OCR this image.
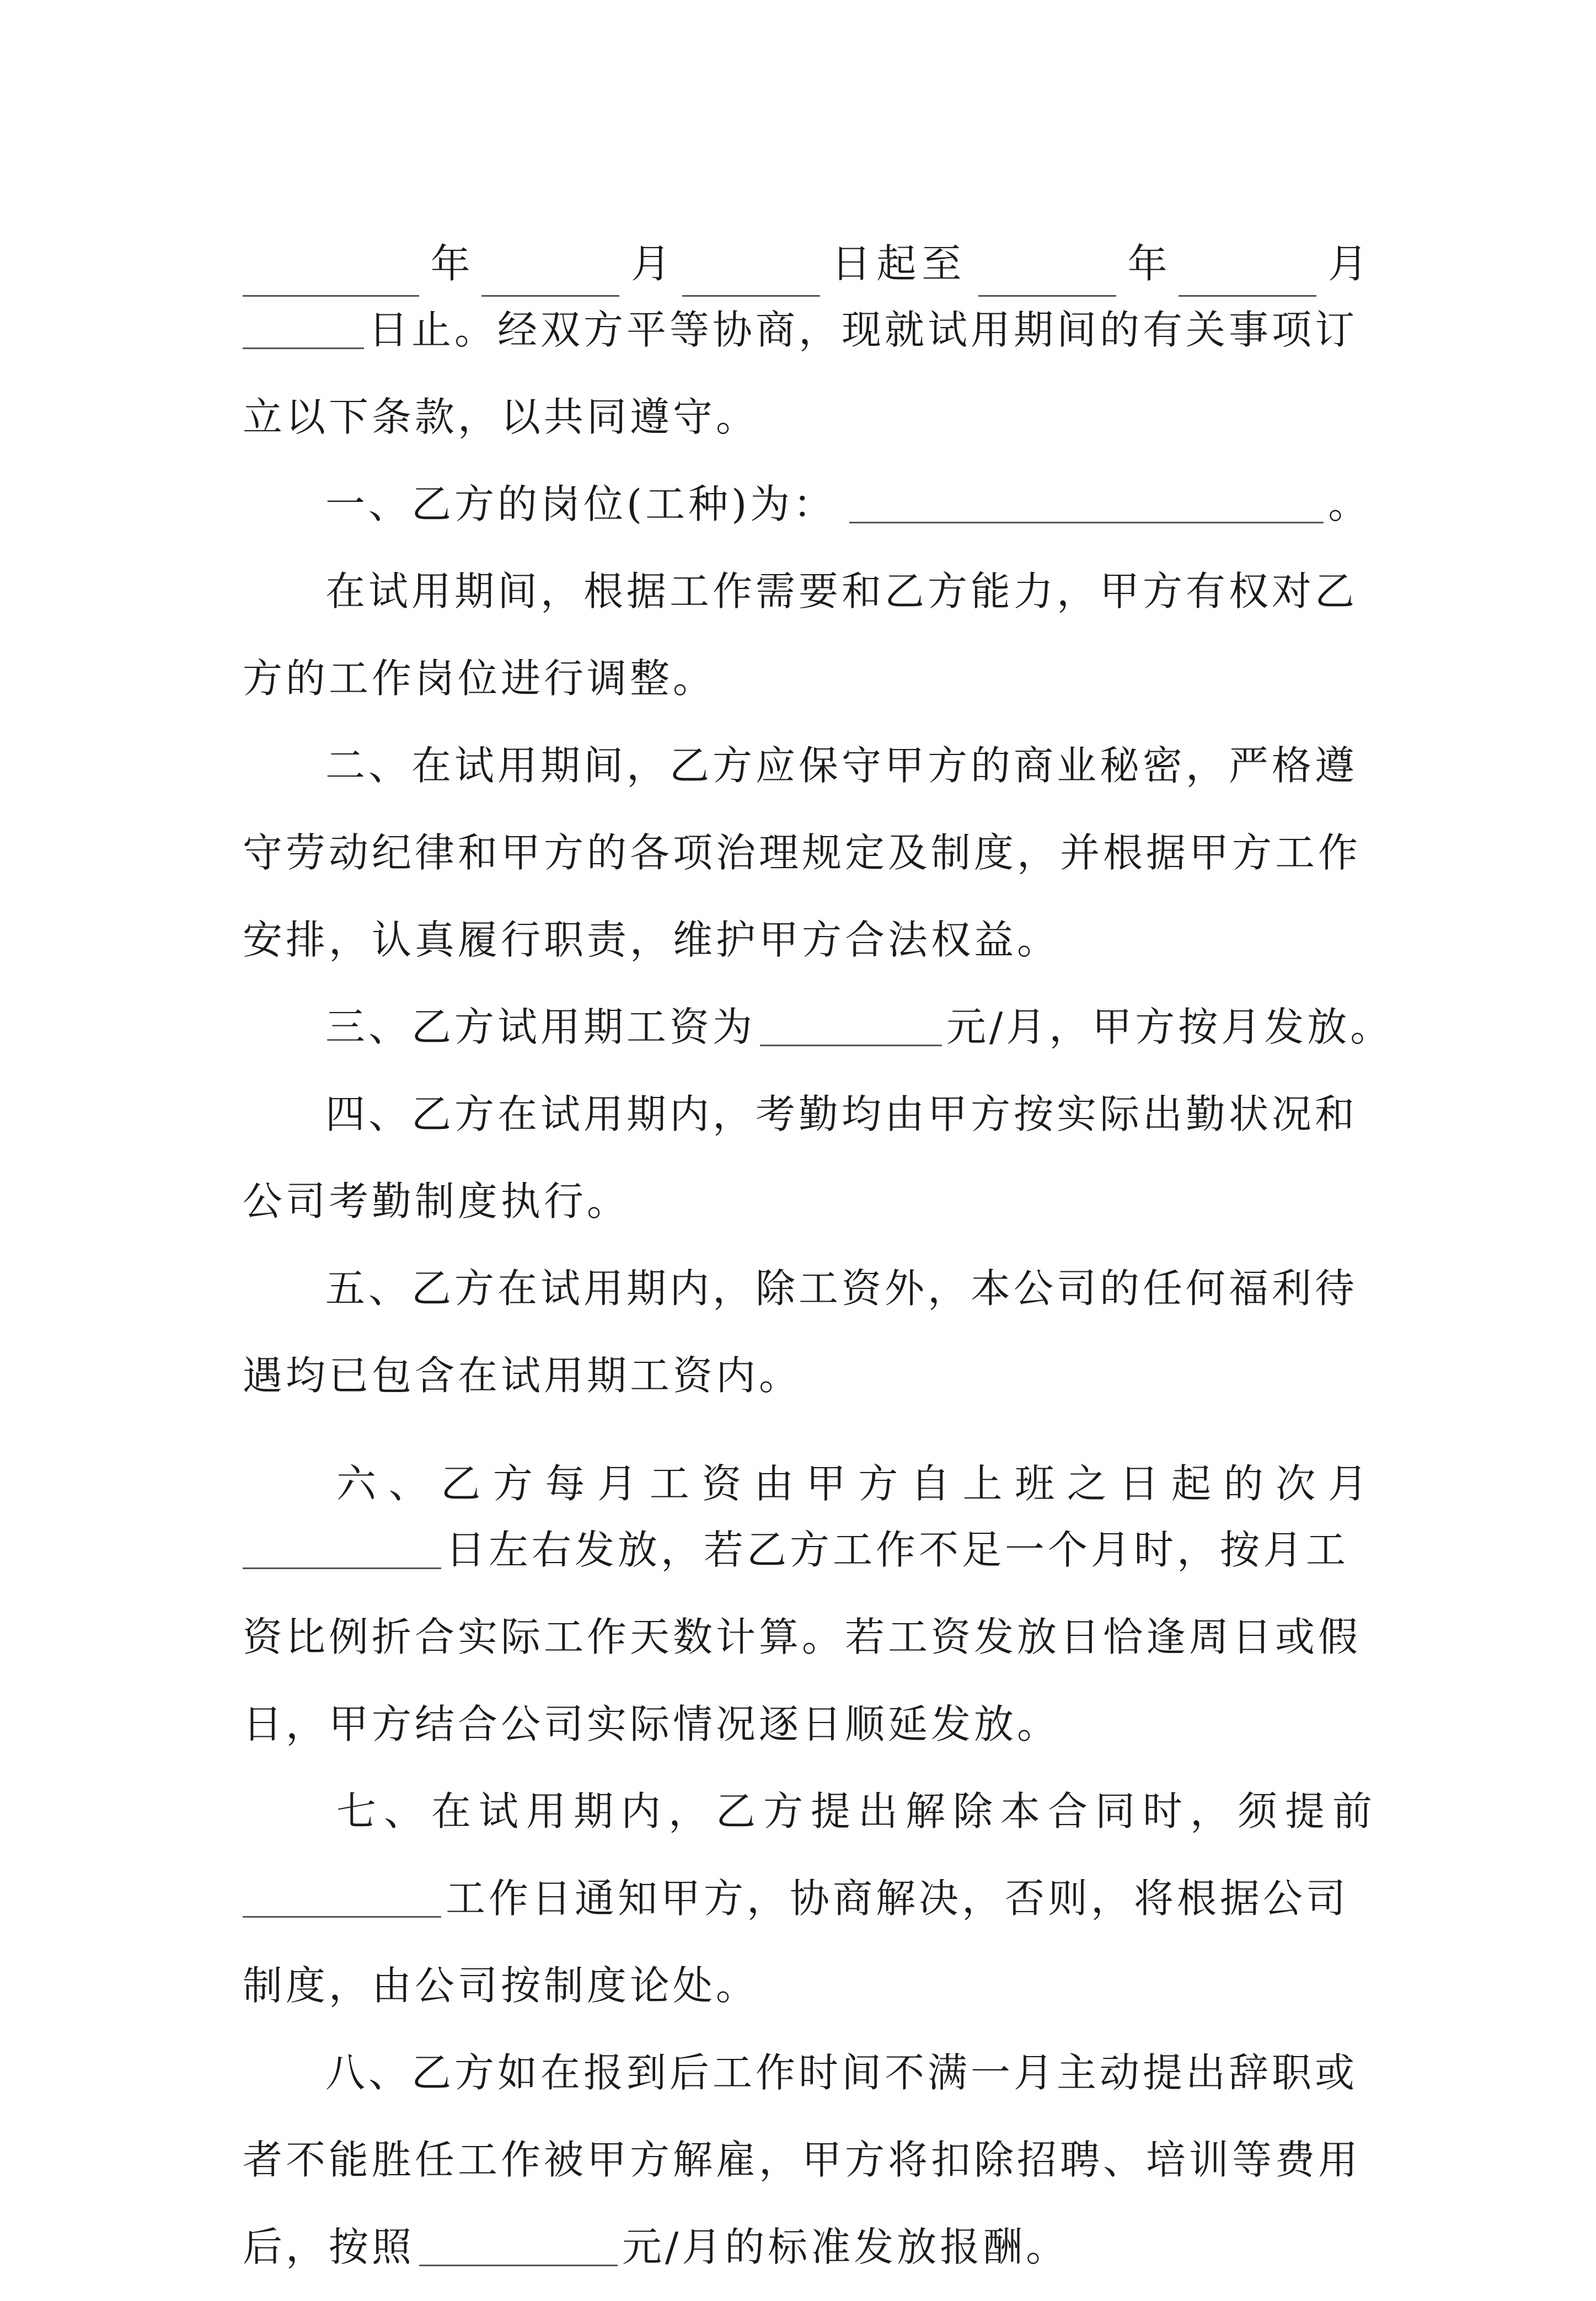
年	月	日起至	年	月
日止。经双方平等协商，现就试用期间的有关事项订
立以下条款，以共同遵守。
一、乙方的岗位(工种)为：	。
在试用期间，根据工作需要和乙方能力，甲方有权对乙
方的工作岗位进行调整。
二、在试用期间，乙方应保守甲方的商业秘密，严格遵
守劳动纪律和甲方的各项治理规定及制度，并根据甲方工作
安排，认真履行职责，维护甲方合法权益。
三、乙方试用期工资为	元/月，甲方按月发放。
四、乙方在试用期内，考勤均由甲方按实际出勤状况和
公司考勤制度执行。
五、乙方在试用期内，除工资外，本公司的任何福利待
遇均已包含在试用期工资内。
六 、 乙 方 每 月 工 资 由 甲 方 自 上 班 之 日 起 的 次 月
日左右发放，若乙方工作不足一个月时，按月工
资比例折合实际工作天数计算。若工资发放日恰逢周日或假
日，甲方结合公司实际情况逐日顺延发放。
七、在试用期内，乙方提出解除本合同时，须提前
工作日通知甲方，协商解决，否则，将根据公司
制度，由公司按制度论处。
八、乙方如在报到后工作时间不满一月主动提出辞职或
者不能胜任工作被甲方解雇，甲方将扣除招聘、培训等费用
后，按照	元/月的标准发放报酬。
